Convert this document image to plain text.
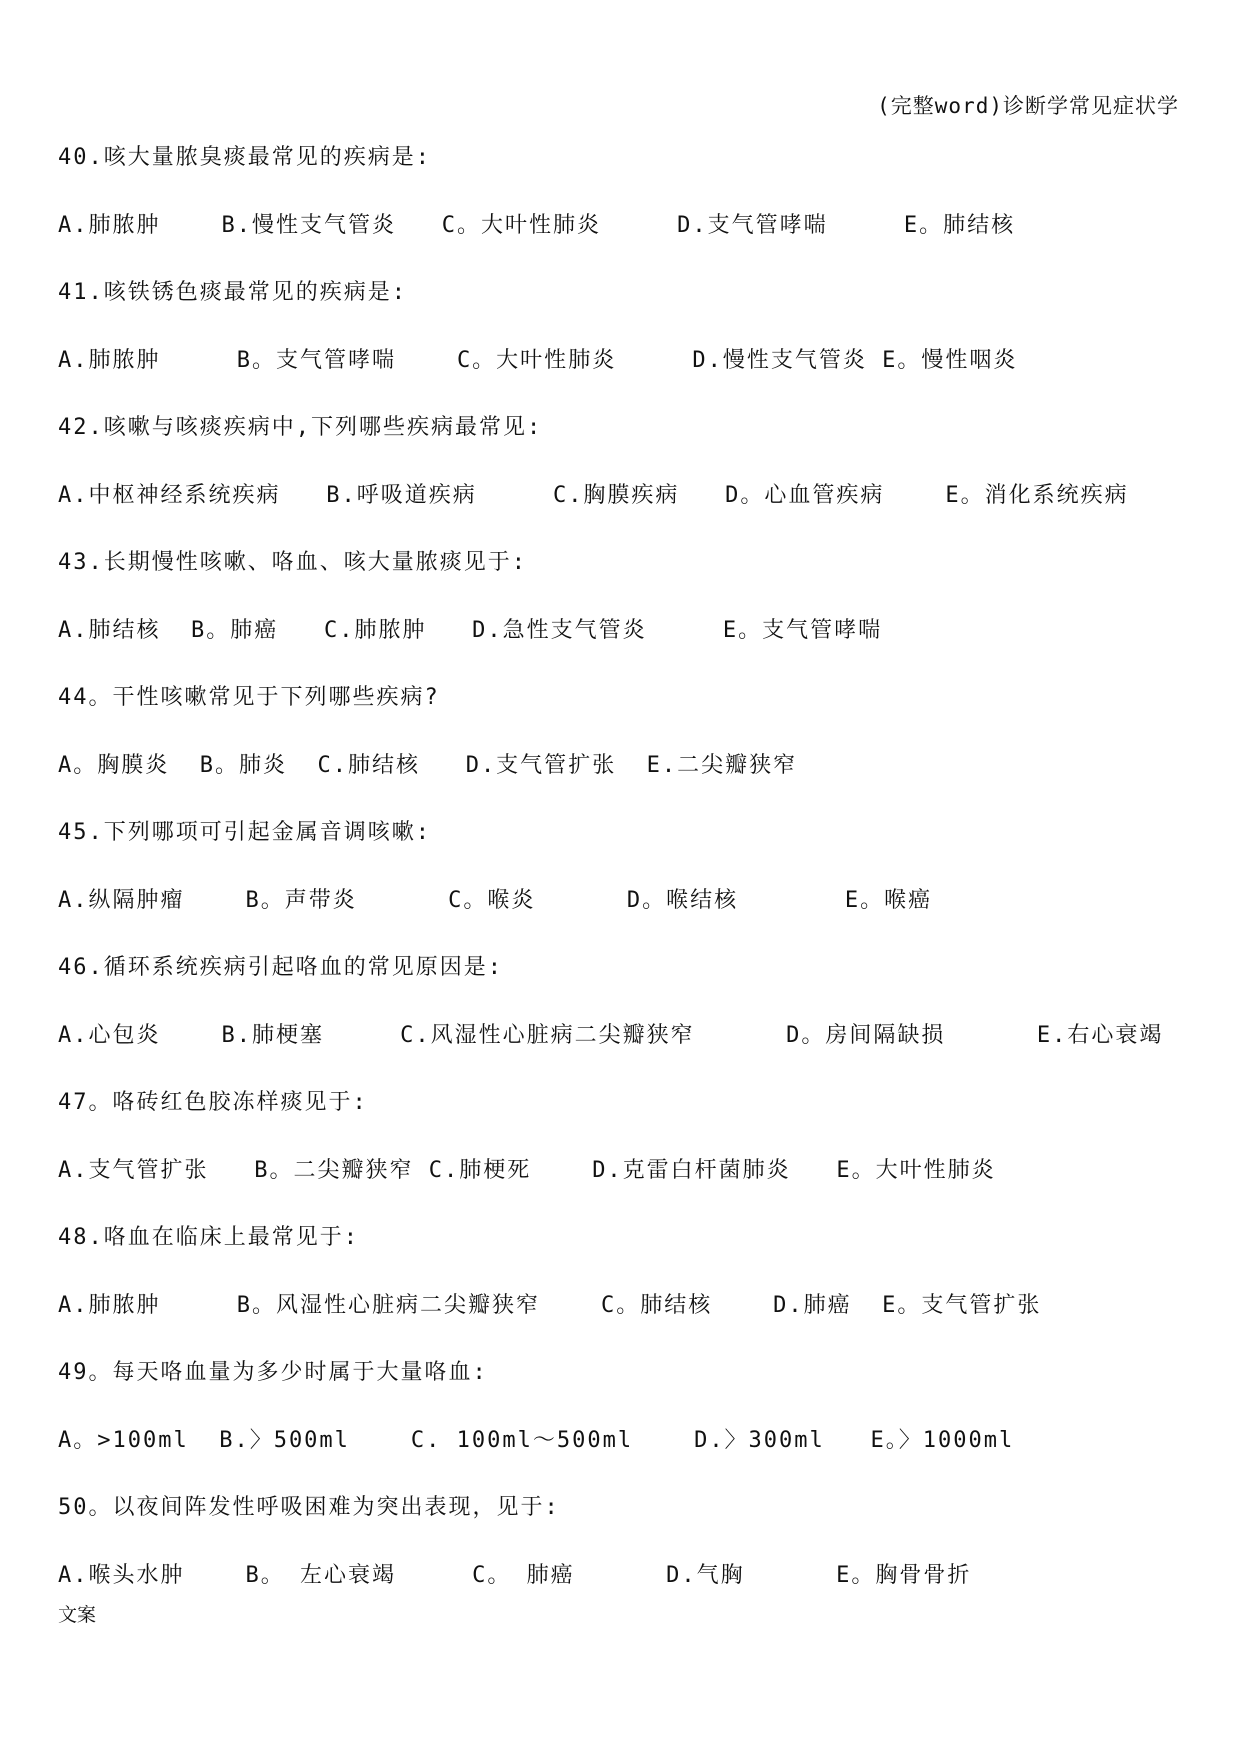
(完整word)诊断学常见症状学
40.咳大量脓臭痰最常见的疾病是:
A.肺脓肿    B.慢性支气管炎   C。大叶性肺炎     D.支气管哮喘     E。肺结核
41.咳铁锈色痰最常见的疾病是:
A.肺脓肿     B。支气管哮喘    C。大叶性肺炎     D.慢性支气管炎 E。慢性咽炎
42.咳嗽与咳痰疾病中,下列哪些疾病最常见:
A.中枢神经系统疾病   B.呼吸道疾病     C.胸膜疾病   D。心血管疾病    E。消化系统疾病
43.长期慢性咳嗽、咯血、咳大量脓痰见于:
A.肺结核  B。肺癌   C.肺脓肿   D.急性支气管炎     E。支气管哮喘
44。干性咳嗽常见于下列哪些疾病?
A。胸膜炎  B。肺炎  C.肺结核   D.支气管扩张  E.二尖瓣狭窄
45.下列哪项可引起金属音调咳嗽:
A.纵隔肿瘤    B。声带炎      C。喉炎      D。喉结核       E。喉癌
46.循环系统疾病引起咯血的常见原因是:
A.心包炎    B.肺梗塞     C.风湿性心脏病二尖瓣狭窄      D。房间隔缺损      E.右心衰竭
47。咯砖红色胶冻样痰见于:
A.支气管扩张   B。二尖瓣狭窄 C.肺梗死    D.克雷白杆菌肺炎   E。大叶性肺炎
48.咯血在临床上最常见于:
A.肺脓肿     B。风湿性心脏病二尖瓣狭窄    C。肺结核    D.肺癌  E。支气管扩张
49。每天咯血量为多少时属于大量咯血:
A。>100ml  B.〉500ml    C. 100ml～500ml    D.〉300ml   E。〉1000ml
50。以夜间阵发性呼吸困难为突出表现，见于:
A.喉头水肿    B。 左心衰竭     C。 肺癌      D.气胸      E。胸骨骨折
文案
